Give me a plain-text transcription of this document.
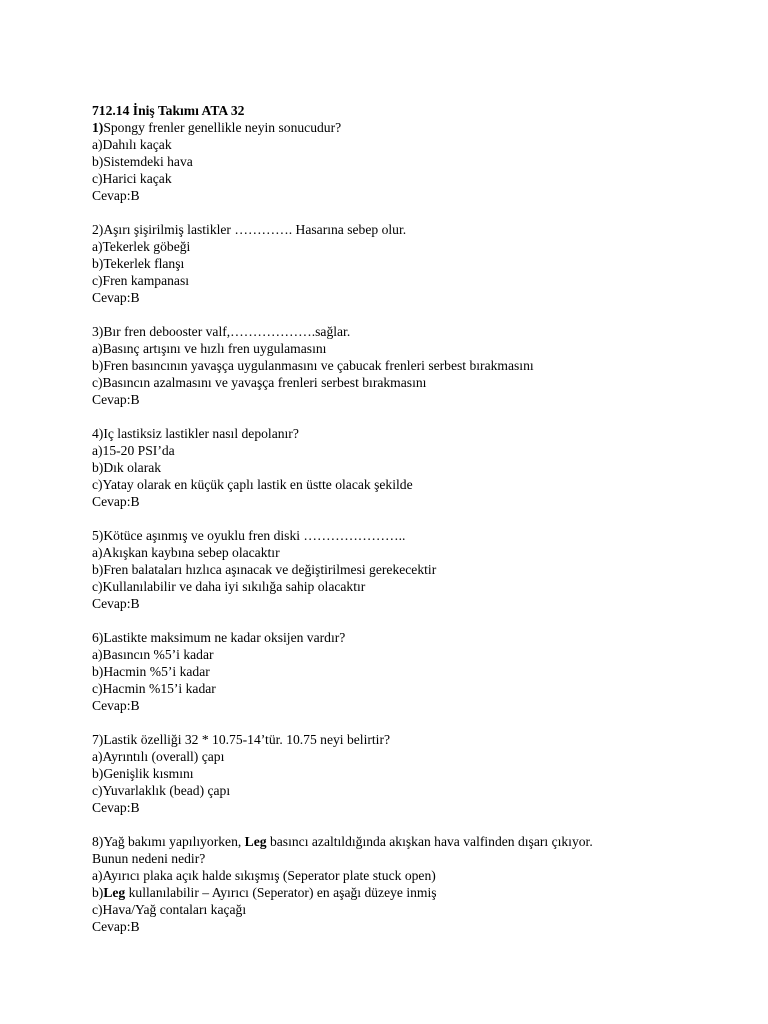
712.14 İniş Takımı ATA 32
1)Spongy frenler genellikle neyin sonucudur?
a)Dahılı kaçak
b)Sistemdeki hava
c)Harici kaçak
Cevap:B
2)Aşırı şişirilmiş lastikler …………. Hasarına sebep olur.
a)Tekerlek göbeği
b)Tekerlek flanşı
c)Fren kampanası
Cevap:B
3)Bır fren debooster valf,……………….sağlar.
a)Basınç artışını ve hızlı fren uygulamasını
b)Fren basıncının yavaşça uygulanmasını ve çabucak frenleri serbest bırakmasını
c)Basıncın azalmasını ve yavaşça frenleri serbest bırakmasını
Cevap:B
4)Iç lastiksiz lastikler nasıl depolanır?
a)15-20 PSI’da
b)Dık olarak
c)Yatay olarak en küçük çaplı lastik en üstte olacak şekilde
Cevap:B
5)Kötüce aşınmış ve oyuklu fren diski …………………..
a)Akışkan kaybına sebep olacaktır
b)Fren balataları hızlıca aşınacak ve değiştirilmesi gerekecektir
c)Kullanılabilir ve daha iyi sıkılığa sahip olacaktır
Cevap:B
6)Lastikte maksimum ne kadar oksijen vardır?
a)Basıncın %5’i kadar
b)Hacmin %5’i kadar
c)Hacmin %15’i kadar
Cevap:B
7)Lastik özelliği 32 * 10.75-14’tür. 10.75 neyi belirtir?
a)Ayrıntılı (overall) çapı
b)Genişlik kısmını
c)Yuvarlaklık (bead) çapı
Cevap:B
8)Yağ bakımı yapılıyorken, Leg basıncı azaltıldığında akışkan hava valfinden dışarı çıkıyor.
Bunun nedeni nedir?
a)Ayırıcı plaka açık halde sıkışmış (Seperator plate stuck open)
b)Leg kullanılabilir – Ayırıcı (Seperator) en aşağı düzeye inmiş
c)Hava/Yağ contaları kaçağı
Cevap:B
